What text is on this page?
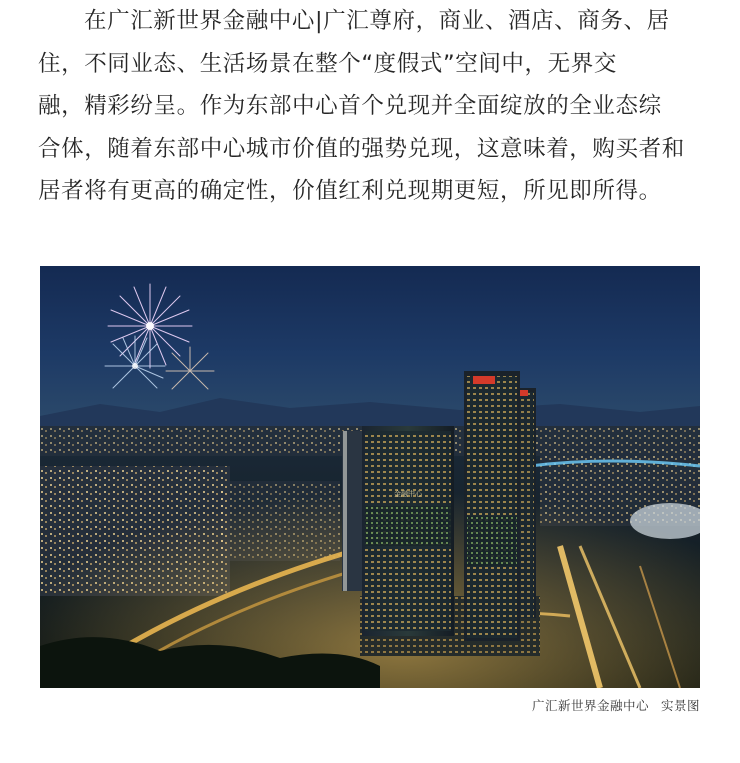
在广汇新世界金融中心|广汇尊府，商业、酒店、商务、居
住，不同业态、生活场景在整个“度假式”空间中，无界交
融，精彩纷呈。作为东部中心首个兑现并全面绽放的全业态综
合体，随着东部中心城市价值的强势兑现，这意味着，购买者和
居者将有更高的确定性，价值红利兑现期更短，所见即所得。
金融中心
广汇新世界金融中心 实景图
